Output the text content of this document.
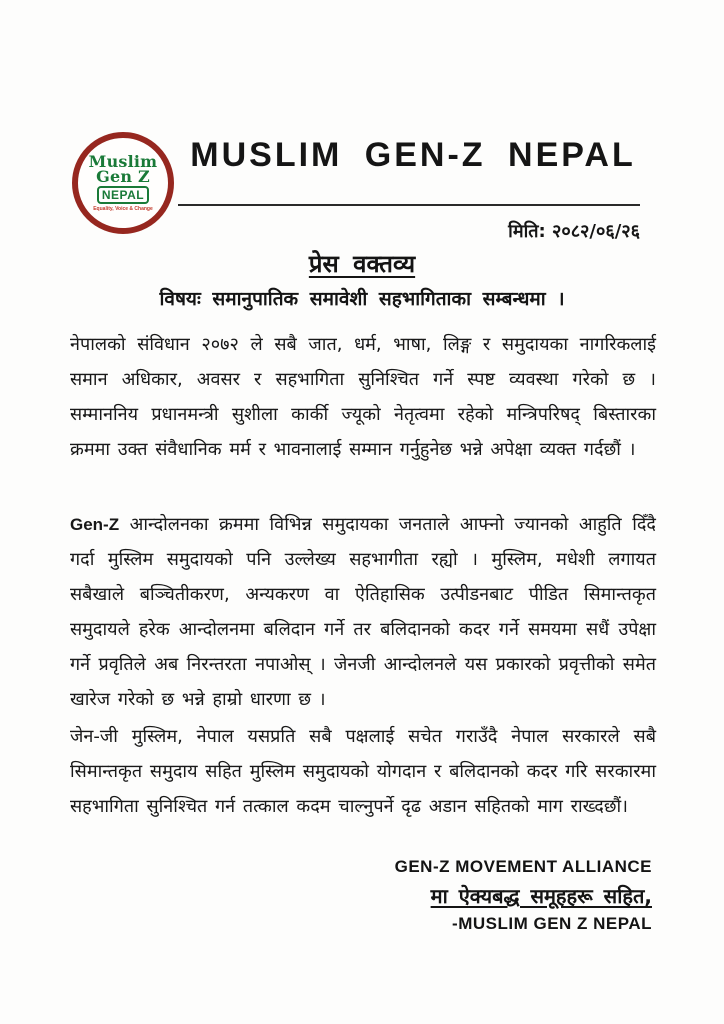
Muslim
Gen Z
NEPAL
Equality, Voice & Change
MUSLIM GEN-Z NEPAL
मिति: २०८२/०६/२६
प्रेस वक्तव्य
विषयः समानुपातिक समावेशी सहभागिताका सम्बन्धमा ।

नेपालको संविधान २०७२ ले सबै जात, धर्म, भाषा, लिङ्ग र समुदायका नागरिकलाई समान अधिकार, अवसर र सहभागिता सुनिश्चित गर्ने स्पष्ट व्यवस्था गरेको छ । सम्माननिय प्रधानमन्त्री सुशीला कार्की ज्यूको नेतृत्वमा रहेको मन्त्रिपरिषद् बिस्तारका क्रममा उक्त संवैधानिक मर्म र भावनालाई सम्मान गर्नुहुनेछ भन्ने अपेक्षा व्यक्त गर्दछौं ।

Gen-Z आन्दोलनका क्रममा विभिन्न समुदायका जनताले आफ्नो ज्यानको आहुति दिँदै गर्दा मुस्लिम समुदायको पनि उल्लेख्य सहभागीता रह्यो । मुस्लिम, मधेशी लगायत सबैखाले बञ्चितीकरण, अन्यकरण वा ऐतिहासिक उत्पीडनबाट पीडित सिमान्तकृत समुदायले हरेक आन्दोलनमा बलिदान गर्ने तर बलिदानको कदर गर्ने समयमा सधैं उपेक्षा गर्ने प्रवृतिले अब निरन्तरता नपाओस् । जेनजी आन्दोलनले यस प्रकारको प्रवृत्तीको समेत खारेज गरेको छ भन्ने हाम्रो धारणा छ ।

जेन-जी मुस्लिम, नेपाल यसप्रति सबै पक्षलाई सचेत गराउँदै नेपाल सरकारले सबै सिमान्तकृत समुदाय सहित मुस्लिम समुदायको योगदान र बलिदानको कदर गरि सरकारमा सहभागिता सुनिश्चित गर्न तत्काल कदम चाल्नुपर्ने दृढ अडान सहितको माग राख्दछौं।

GEN-Z MOVEMENT ALLIANCE
मा ऐक्यबद्ध समूहहरू सहित,
-MUSLIM GEN Z NEPAL
